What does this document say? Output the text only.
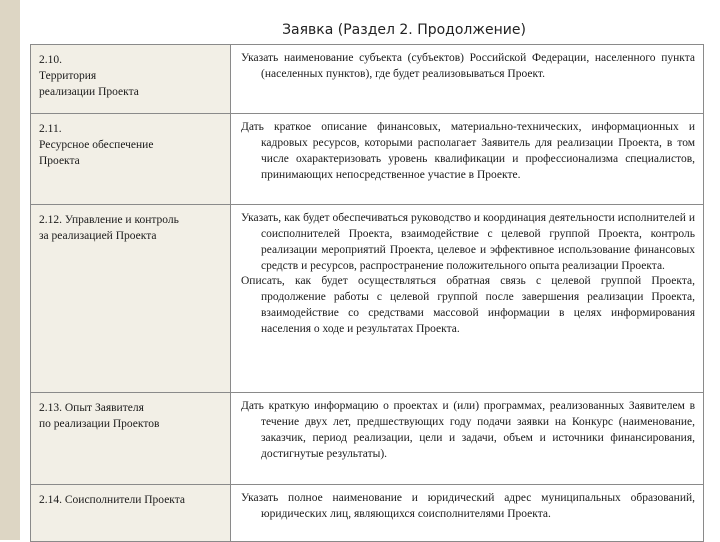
Заявка (Раздел 2. Продолжение)
2.10.
Территория
реализации Проекта

Указать наименование субъекта (субъектов) Российской Федерации, населенного пункта (населенных пунктов), где будет реализовываться Проект.

2.11.
Ресурсное обеспечение
Проекта

Дать краткое описание финансовых, материально-технических, информационных и кадровых ресурсов, которыми располагает Заявитель для реализации Проекта, в том числе охарактеризовать уровень квалификации и профессионализма специалистов, принимающих непосредственное участие в Проекте.

2.12. Управление и контроль
за реализацией Проекта

Указать, как будет обеспечиваться руководство и координация деятельности исполнителей и соисполнителей Проекта, взаимодействие с целевой группой Проекта, контроль реализации мероприятий Проекта, целевое и эффективное использование финансовых средств и ресурсов, распространение положительного опыта реализации Проекта.

Описать, как будет осуществляться обратная связь с целевой группой Проекта, продолжение работы с целевой группой после завершения реализации Проекта, взаимодействие со средствами массовой информации в целях информирования населения о ходе и результатах Проекта.

2.13. Опыт Заявителя
по реализации Проектов

Дать краткую информацию о проектах и (или) программах, реализованных Заявителем в течение двух лет, предшествующих году подачи заявки на Конкурс (наименование, заказчик, период реализации, цели и задачи, объем и источники финансирования, достигнутые результаты).

2.14. Соисполнители Проекта	Указать полное наименование и юридический адрес муниципальных образований, юридических лиц, являющихся соисполнителями Проекта.
